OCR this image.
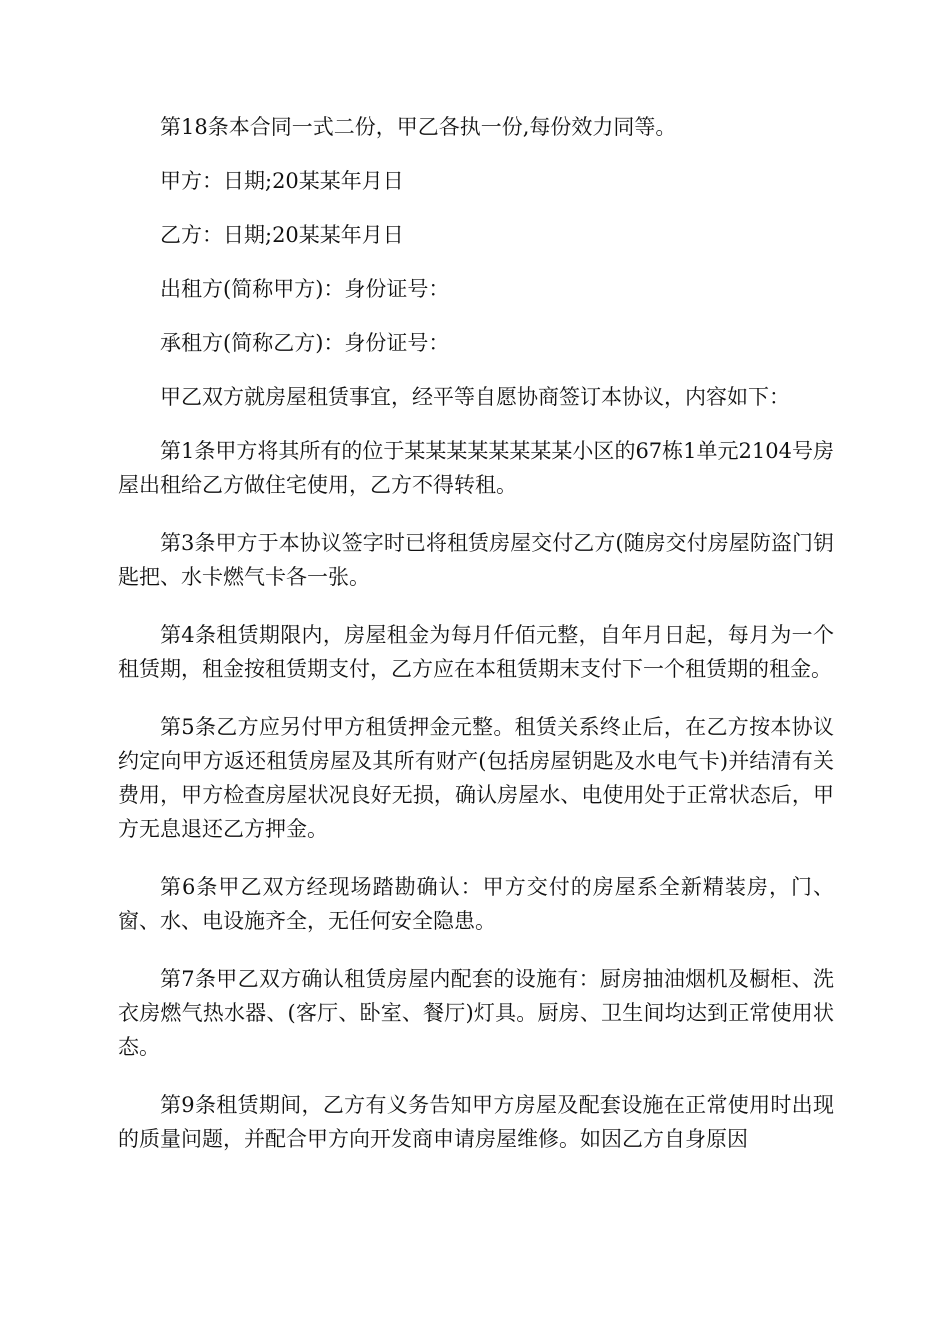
第18条本合同一式二份，甲乙各执一份,每份效力同等。

甲方：日期;20某某年月日

乙方：日期;20某某年月日

出租方(简称甲方)：身份证号：

承租方(简称乙方)：身份证号：

甲乙双方就房屋租赁事宜，经平等自愿协商签订本协议，内容如下：

第1条甲方将其所有的位于某某某某某某某某小区的67栋1单元2104号房屋出租给乙方做住宅使用，乙方不得转租。

第3条甲方于本协议签字时已将租赁房屋交付乙方(随房交付房屋防盗门钥匙把、水卡燃气卡各一张。

第4条租赁期限内，房屋租金为每月仟佰元整，自年月日起，每月为一个租赁期，租金按租赁期支付，乙方应在本租赁期末支付下一个租赁期的租金。

第5条乙方应另付甲方租赁押金元整。租赁关系终止后，在乙方按本协议约定向甲方返还租赁房屋及其所有财产(包括房屋钥匙及水电气卡)并结清有关费用，甲方检查房屋状况良好无损，确认房屋水、电使用处于正常状态后，甲方无息退还乙方押金。

第6条甲乙双方经现场踏勘确认：甲方交付的房屋系全新精装房，门、窗、水、电设施齐全，无任何安全隐患。

第7条甲乙双方确认租赁房屋内配套的设施有：厨房抽油烟机及橱柜、洗衣房燃气热水器、(客厅、卧室、餐厅)灯具。厨房、卫生间均达到正常使用状态。

第9条租赁期间，乙方有义务告知甲方房屋及配套设施在正常使用时出现的质量问题，并配合甲方向开发商申请房屋维修。如因乙方自身原因
